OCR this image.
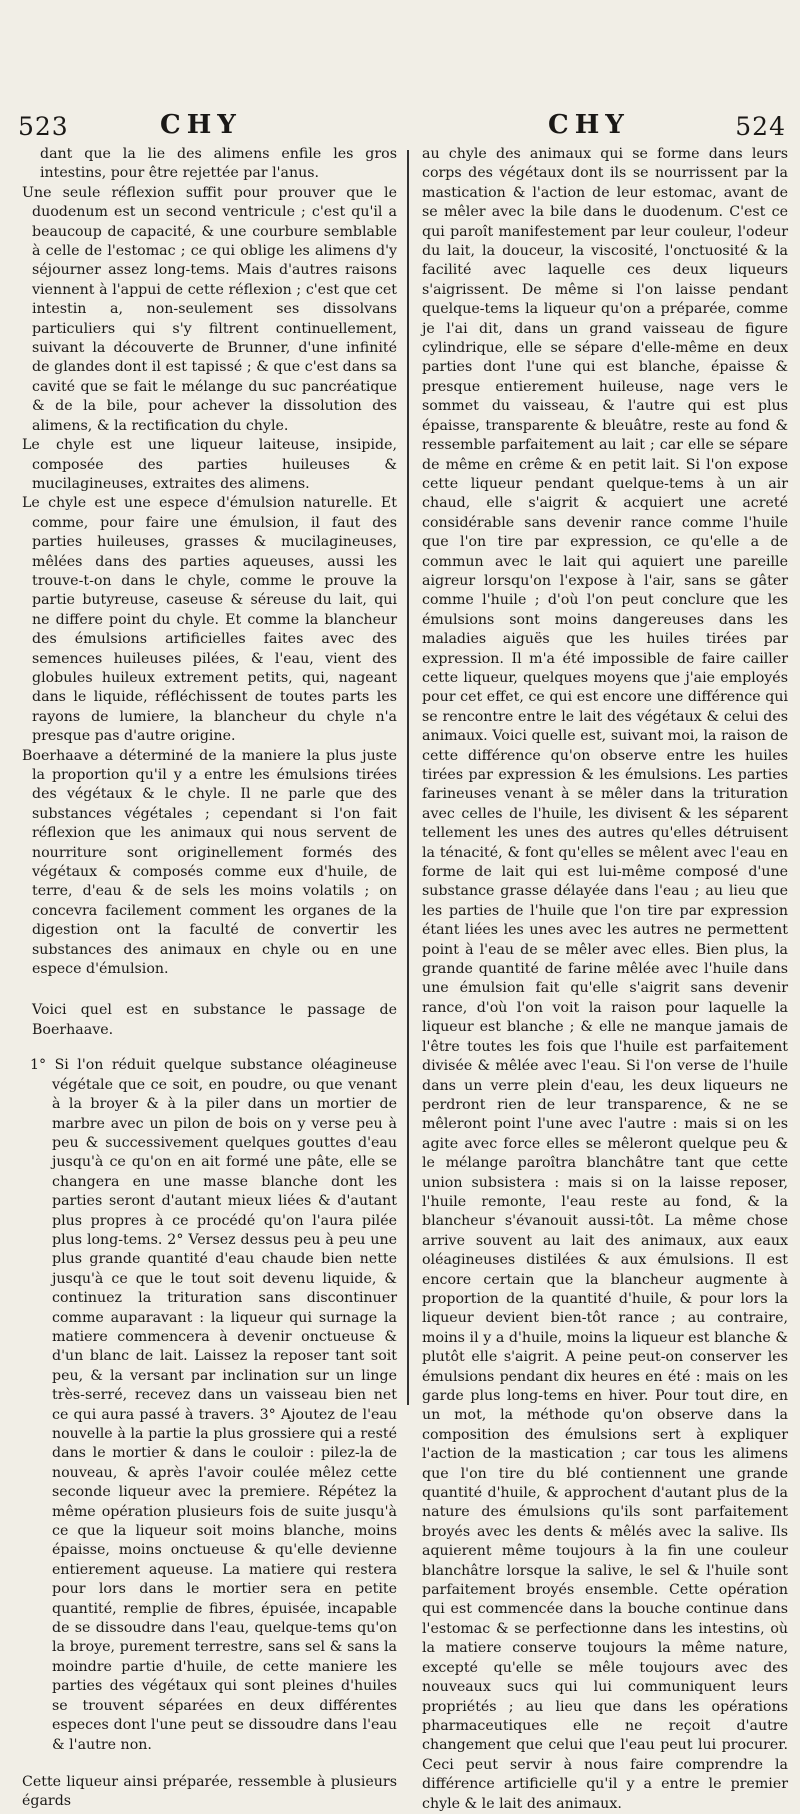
523	CHY	CHY	524

dant que la lie des alimens enfile les gros intestins, pour être rejettée par l'anus.

Une seule réflexion suffit pour prouver que le duodenum est un second ventricule ; c'est qu'il a beaucoup de capacité, & une courbure semblable à celle de l'estomac ; ce qui oblige les alimens d'y séjourner assez long-tems. Mais d'autres raisons viennent à l'appui de cette réflexion ; c'est que cet intestin a, non-seulement ses dissolvans particuliers qui s'y filtrent continuellement, suivant la découverte de Brunner, d'une infinité de glandes dont il est tapissé ; & que c'est dans sa cavité que se fait le mélange du suc pancréatique & de la bile, pour achever la dissolution des alimens, & la rectification du chyle.

Le chyle est une liqueur laiteuse, insipide, composée des parties huileuses & mucilagineuses, extraites des alimens.

Le chyle est une espece d'émulsion naturelle. Et comme, pour faire une émulsion, il faut des parties huileuses, grasses & mucilagineuses, mêlées dans des parties aqueuses, aussi les trouve-t-on dans le chyle, comme le prouve la partie butyreuse, caseuse & séreuse du lait, qui ne differe point du chyle. Et comme la blancheur des émulsions artificielles faites avec des semences huileuses pilées, & l'eau, vient des globules huileux extrement petits, qui, nageant dans le liquide, réfléchissent de toutes parts les rayons de lumiere, la blancheur du chyle n'a presque pas d'autre origine.

Boerhaave a déterminé de la maniere la plus juste la proportion qu'il y a entre les émulsions tirées des végétaux & le chyle. Il ne parle que des substances végétales ; cependant si l'on fait réflexion que les animaux qui nous servent de nourriture sont originellement formés des végétaux & composés comme eux d'huile, de terre, d'eau & de sels les moins volatils ; on concevra facilement comment les organes de la digestion ont la faculté de convertir les substances des animaux en chyle ou en une espece d'émulsion.

Voici quel est en substance le passage de Boerhaave.

1° Si l'on réduit quelque substance oléagineuse végétale que ce soit, en poudre, ou que venant à la broyer & à la piler dans un mortier de marbre avec un pilon de bois on y verse peu à peu & successivement quelques gouttes d'eau jusqu'à ce qu'on en ait formé une pâte, elle se changera en une masse blanche dont les parties seront d'autant mieux liées & d'autant plus propres à ce procédé qu'on l'aura pilée plus long-tems. 2° Versez dessus peu à peu une plus grande quantité d'eau chaude bien nette jusqu'à ce que le tout soit devenu liquide, & continuez la trituration sans discontinuer comme auparavant : la liqueur qui surnage la matiere commencera à devenir onctueuse & d'un blanc de lait. Laissez la reposer tant soit peu, & la versant par inclination sur un linge très-serré, recevez dans un vaisseau bien net ce qui aura passé à travers. 3° Ajoutez de l'eau nouvelle à la partie la plus grossiere qui a resté dans le mortier & dans le couloir : pilez-la de nouveau, & après l'avoir coulée mêlez cette seconde liqueur avec la premiere. Répétez la même opération plusieurs fois de suite jusqu'à ce que la liqueur soit moins blanche, moins épaisse, moins onctueuse & qu'elle devienne entierement aqueuse. La matiere qui restera pour lors dans le mortier sera en petite quantité, remplie de fibres, épuisée, incapable de se dissoudre dans l'eau, quelque-tems qu'on la broye, purement terrestre, sans sel & sans la moindre partie d'huile, de cette maniere les parties des végétaux qui sont pleines d'huiles se trouvent séparées en deux différentes especes dont l'une peut se dissoudre dans l'eau & l'autre non.

Cette liqueur ainsi préparée, ressemble à plusieurs égards

au chyle des animaux qui se forme dans leurs corps des végétaux dont ils se nourrissent par la mastication & l'action de leur estomac, avant de se mêler avec la bile dans le duodenum. C'est ce qui paroît manifestement par leur couleur, l'odeur du lait, la douceur, la viscosité, l'onctuosité & la facilité avec laquelle ces deux liqueurs s'aigrissent. De même si l'on laisse pendant quelque-tems la liqueur qu'on a préparée, comme je l'ai dit, dans un grand vaisseau de figure cylindrique, elle se sépare d'elle-même en deux parties dont l'une qui est blanche, épaisse & presque entierement huileuse, nage vers le sommet du vaisseau, & l'autre qui est plus épaisse, transparente & bleuâtre, reste au fond & ressemble parfaitement au lait ; car elle se sépare de même en crême & en petit lait. Si l'on expose cette liqueur pendant quelque-tems à un air chaud, elle s'aigrit & acquiert une acreté considérable sans devenir rance comme l'huile que l'on tire par expression, ce qu'elle a de commun avec le lait qui aquiert une pareille aigreur lorsqu'on l'expose à l'air, sans se gâter comme l'huile ; d'où l'on peut conclure que les émulsions sont moins dangereuses dans les maladies aiguës que les huiles tirées par expression. Il m'a été impossible de faire cailler cette liqueur, quelques moyens que j'aie employés pour cet effet, ce qui est encore une différence qui se rencontre entre le lait des végétaux & celui des animaux. Voici quelle est, suivant moi, la raison de cette différence qu'on observe entre les huiles tirées par expression & les émulsions. Les parties farineuses venant à se mêler dans la trituration avec celles de l'huile, les divisent & les séparent tellement les unes des autres qu'elles détruisent la ténacité, & font qu'elles se mêlent avec l'eau en forme de lait qui est lui-même composé d'une substance grasse délayée dans l'eau ; au lieu que les parties de l'huile que l'on tire par expression étant liées les unes avec les autres ne permettent point à l'eau de se mêler avec elles. Bien plus, la grande quantité de farine mêlée avec l'huile dans une émulsion fait qu'elle s'aigrit sans devenir rance, d'où l'on voit la raison pour laquelle la liqueur est blanche ; & elle ne manque jamais de l'être toutes les fois que l'huile est parfaitement divisée & mêlée avec l'eau. Si l'on verse de l'huile dans un verre plein d'eau, les deux liqueurs ne perdront rien de leur transparence, & ne se mêleront point l'une avec l'autre : mais si on les agite avec force elles se mêleront quelque peu & le mélange paroîtra blanchâtre tant que cette union subsistera : mais si on la laisse reposer, l'huile remonte, l'eau reste au fond, & la blancheur s'évanouit aussi-tôt. La même chose arrive souvent au lait des animaux, aux eaux oléagineuses distilées & aux émulsions. Il est encore certain que la blancheur augmente à proportion de la quantité d'huile, & pour lors la liqueur devient bien-tôt rance ; au contraire, moins il y a d'huile, moins la liqueur est blanche & plutôt elle s'aigrit. A peine peut-on conserver les émulsions pendant dix heures en été : mais on les garde plus long-tems en hiver. Pour tout dire, en un mot, la méthode qu'on observe dans la composition des émulsions sert à expliquer l'action de la mastication ; car tous les alimens que l'on tire du blé contiennent une grande quantité d'huile, & approchent d'autant plus de la nature des émulsions qu'ils sont parfaitement broyés avec les dents & mêlés avec la salive. Ils aquierent même toujours à la fin une couleur blanchâtre lorsque la salive, le sel & l'huile sont parfaitement broyés ensemble. Cette opération qui est commencée dans la bouche continue dans l'estomac & se perfectionne dans les intestins, où la matiere conserve toujours la même nature, excepté qu'elle se mêle toujours avec des nouveaux sucs qui lui communiquent leurs propriétés ; au lieu que dans les opérations pharmaceutiques elle ne reçoit d'autre changement que celui que l'eau peut lui procurer. Ceci peut servir à nous faire comprendre la différence artificielle qu'il y a entre le premier chyle & le lait des animaux.
